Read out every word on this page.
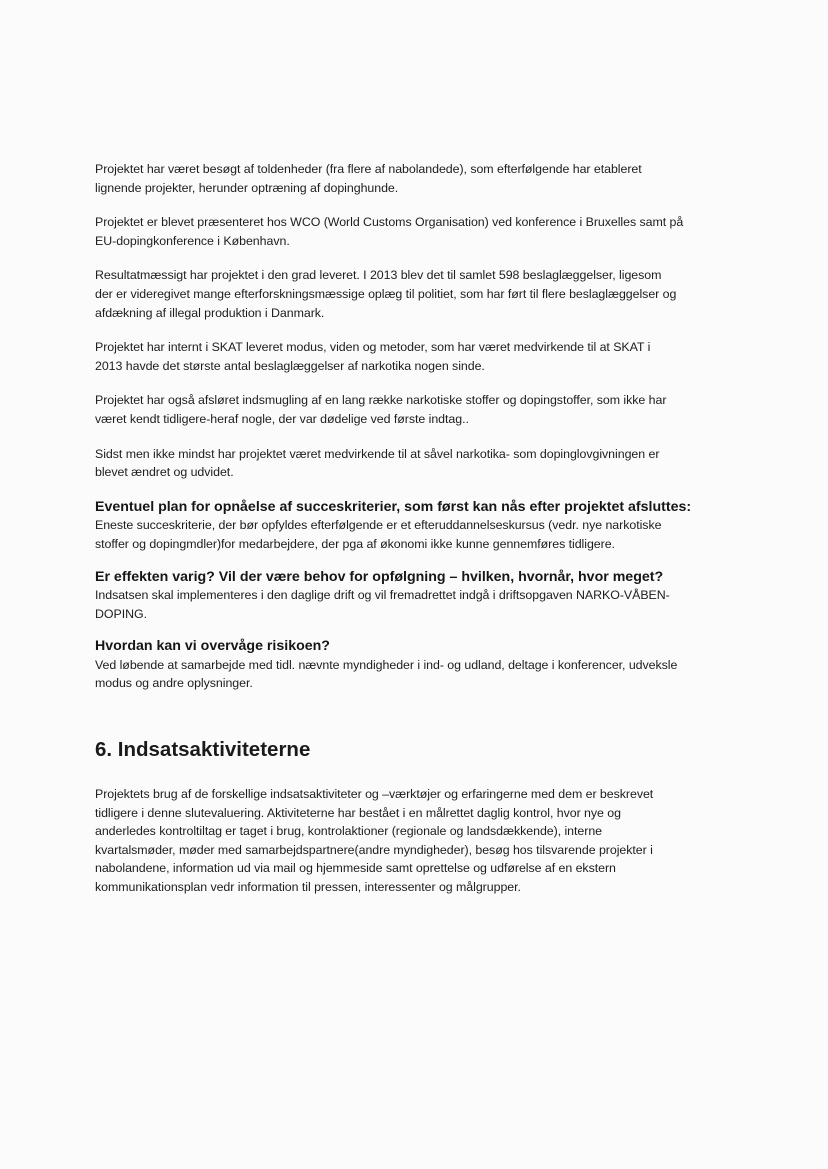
Projektet har været besøgt af toldenheder (fra flere af nabolandede), som efterfølgende har etableret
lignende projekter, herunder optræning af dopinghunde.
Projektet er blevet præsenteret hos WCO (World Customs Organisation) ved konference i Bruxelles samt på
EU-dopingkonference i København.
Resultatmæssigt har projektet i den grad leveret. I 2013 blev det til samlet 598 beslaglæggelser, ligesom
der er videregivet mange efterforskningsmæssige oplæg til politiet, som har ført til flere beslaglæggelser og
afdækning af illegal produktion i Danmark.
Projektet har internt i SKAT leveret modus, viden og metoder, som har været medvirkende til at SKAT i
2013 havde det største antal beslaglæggelser af narkotika nogen sinde.
Projektet har også afsløret indsmugling af en lang række narkotiske stoffer og dopingstoffer, som ikke har
været kendt tidligere-heraf nogle, der var dødelige ved første indtag..
Sidst men ikke mindst har projektet været medvirkende til at såvel narkotika- som dopinglovgivningen er
blevet ændret og udvidet.
Eventuel plan for opnåelse af succeskriterier, som først kan nås efter projektet afsluttes:
Eneste succeskriterie, der bør opfyldes efterfølgende er et efteruddannelseskursus (vedr. nye narkotiske
stoffer og dopingmdler)for medarbejdere, der pga af økonomi ikke kunne gennemføres tidligere.
Er effekten varig? Vil der være behov for opfølgning – hvilken, hvornår, hvor meget?
Indsatsen skal implementeres i den daglige drift og vil fremadrettet indgå i driftsopgaven NARKO-VÅBEN-
DOPING.
Hvordan kan vi overvåge risikoen?
Ved løbende at samarbejde med tidl. nævnte myndigheder i ind- og udland, deltage i konferencer, udveksle
modus og andre oplysninger.
6. Indsatsaktiviteterne
Projektets brug af de forskellige indsatsaktiviteter og –værktøjer og erfaringerne med dem er beskrevet
tidligere i denne slutevaluering. Aktiviteterne har bestået i en målrettet daglig kontrol, hvor nye og
anderledes kontroltiltag er taget i brug, kontrolaktioner (regionale og landsdækkende), interne
kvartalsmøder, møder med samarbejdspartnere(andre myndigheder), besøg hos tilsvarende projekter i
nabolandene, information ud via mail og hjemmeside samt oprettelse og udførelse af en ekstern
kommunikationsplan vedr information til pressen, interessenter og målgrupper.
